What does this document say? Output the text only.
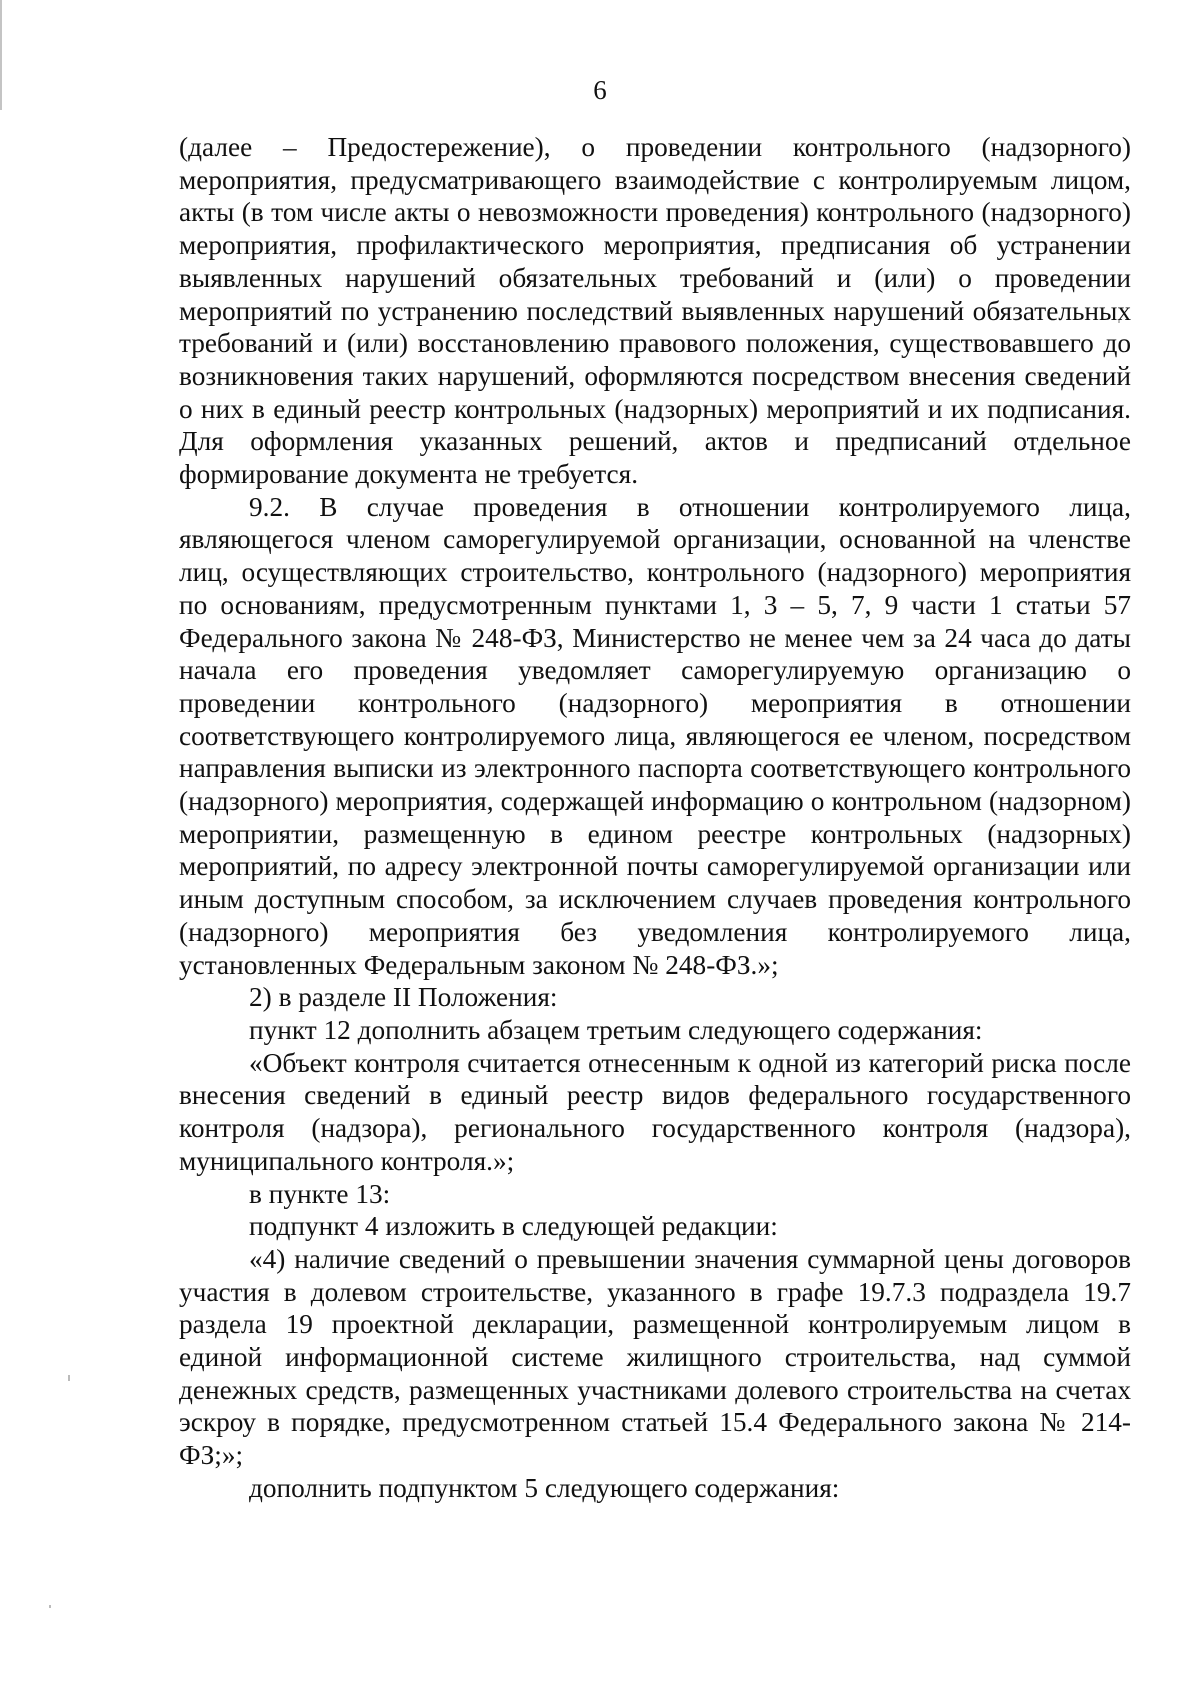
6

(далее – Предостережение), о проведении контрольного (надзорного) мероприятия, предусматривающего взаимодействие с контролируемым лицом, акты (в том числе акты о невозможности проведения) контрольного (надзорного) мероприятия, профилактического мероприятия, предписания об устранении выявленных нарушений обязательных требований и (или) о проведении мероприятий по устранению последствий выявленных нарушений обязательных требований и (или) восстановлению правового положения, существовавшего до возникновения таких нарушений, оформляются посредством внесения сведений о них в единый реестр контрольных (надзорных) мероприятий и их подписания. Для оформления указанных решений, актов и предписаний отдельное формирование документа не требуется.

9.2. В случае проведения в отношении контролируемого лица, являющегося членом саморегулируемой организации, основанной на членстве лиц, осуществляющих строительство, контрольного (надзорного) мероприятия по основаниям, предусмотренным пунктами 1, 3 – 5, 7, 9 части 1 статьи 57 Федерального закона № 248-ФЗ, Министерство не менее чем за 24 часа до даты начала его проведения уведомляет саморегулируемую организацию о проведении контрольного (надзорного) мероприятия в отношении соответствующего контролируемого лица, являющегося ее членом, посредством направления выписки из электронного паспорта соответствующего контрольного (надзорного) мероприятия, содержащей информацию о контрольном (надзорном) мероприятии, размещенную в едином реестре контрольных (надзорных) мероприятий, по адресу электронной почты саморегулируемой организации или иным доступным способом, за исключением случаев проведения контрольного (надзорного) мероприятия без уведомления контролируемого лица, установленных Федеральным законом № 248-ФЗ.»;

2) в разделе II Положения:

пункт 12 дополнить абзацем третьим следующего содержания:

«Объект контроля считается отнесенным к одной из категорий риска после внесения сведений в единый реестр видов федерального государственного контроля (надзора), регионального государственного контроля (надзора), муниципального контроля.»;

в пункте 13:

подпункт 4 изложить в следующей редакции:

«4) наличие сведений о превышении значения суммарной цены договоров участия в долевом строительстве, указанного в графе 19.7.3 подраздела 19.7 раздела 19 проектной декларации, размещенной контролируемым лицом в единой информационной системе жилищного строительства, над суммой денежных средств, размещенных участниками долевого строительства на счетах эскроу в порядке, предусмотренном статьей 15.4 Федерального закона № 214-ФЗ;»;

дополнить подпунктом 5 следующего содержания:
